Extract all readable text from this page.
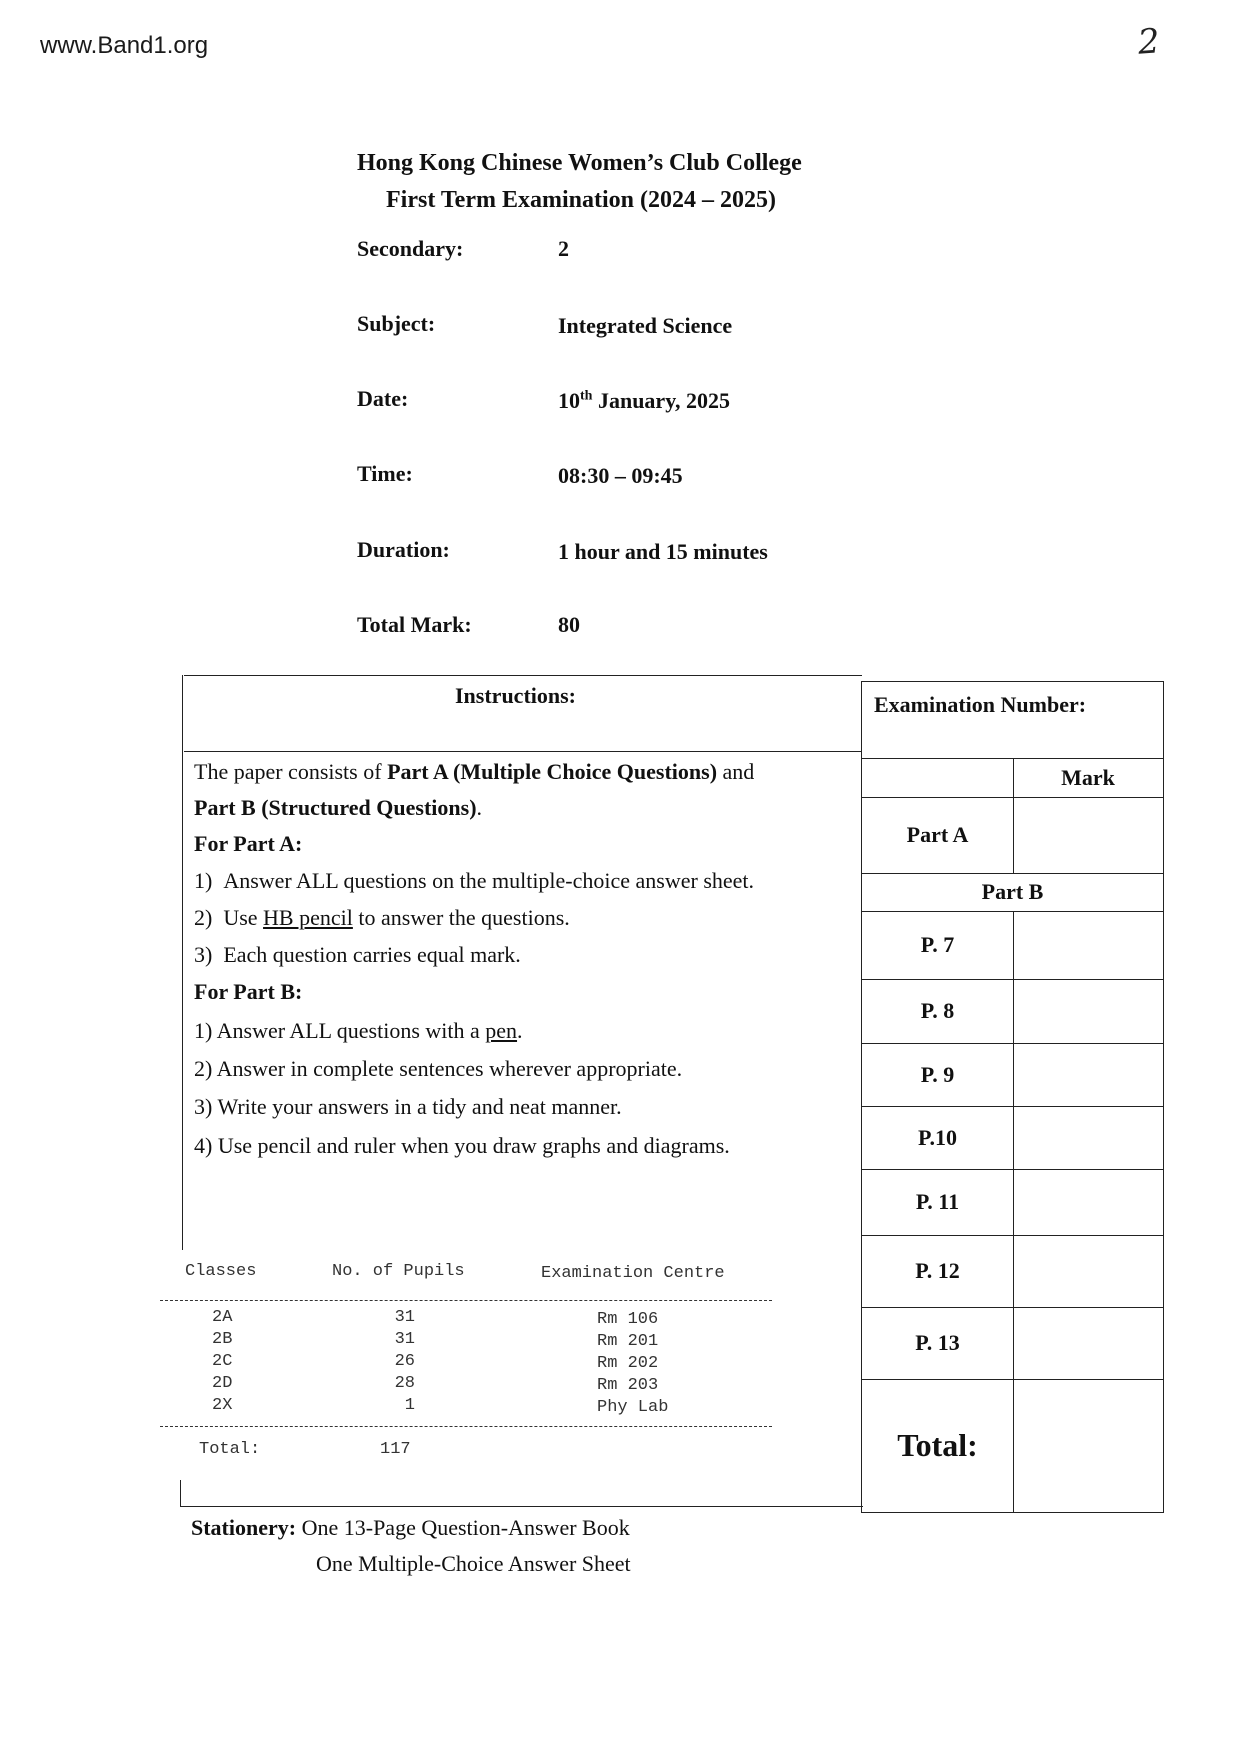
www.Band1.org	2
Hong Kong Chinese Women’s Club College
First Term Examination (2024 – 2025)
Secondary:	2
Subject:	Integrated Science
Date:	10th January, 2025
Time:	08:30 – 09:45
Duration:	1 hour and 15 minutes
Total Mark:	80
Instructions:
The paper consists of Part A (Multiple Choice Questions) and
Part B (Structured Questions).
For Part A:
1) Answer ALL questions on the multiple-choice answer sheet.
2) Use HB pencil to answer the questions.
3) Each question carries equal mark.
For Part B:
1) Answer ALL questions with a pen.
2) Answer in complete sentences wherever appropriate.
3) Write your answers in a tidy and neat manner.
4) Use pencil and ruler when you draw graphs and diagrams.
Classes	No. of Pupils	Examination Centre
2A	31	Rm 106
2B	31	Rm 201
2C	26	Rm 202
2D	28	Rm 203
2X	1	Phy Lab
Total:	117
Examination Number:
Mark
Part A
Part B
P. 7
P. 8
P. 9
P.10
P. 11
P. 12
P. 13
Total:
Stationery: One 13-Page Question-Answer Book
One Multiple-Choice Answer Sheet
